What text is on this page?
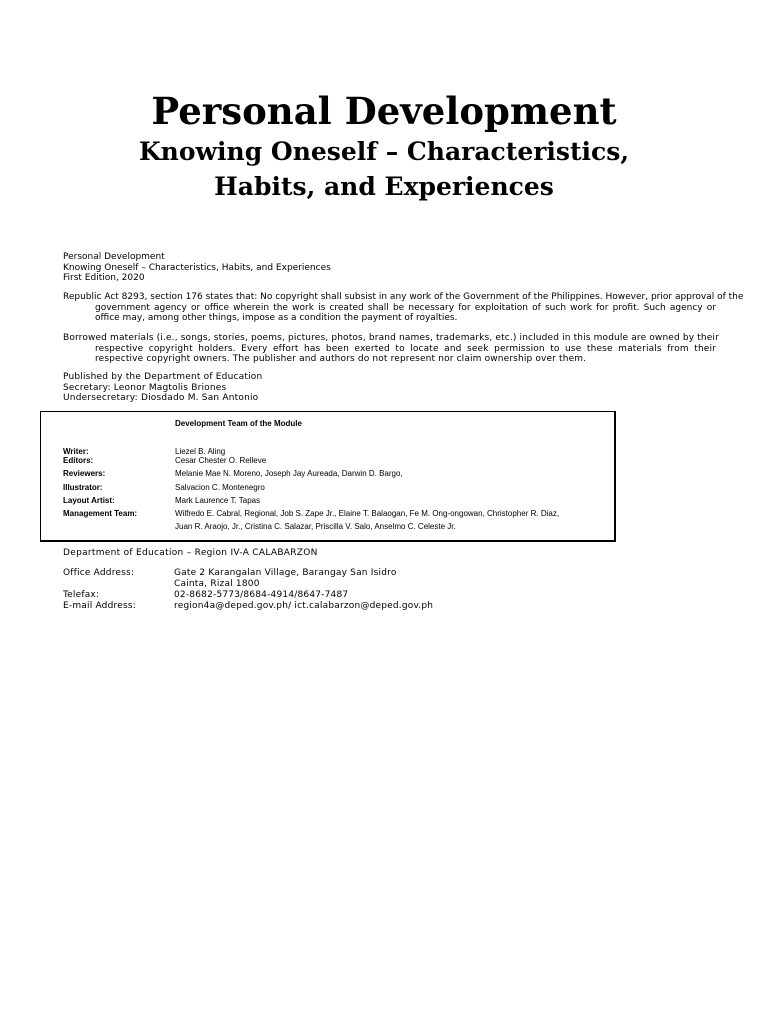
Personal Development
Knowing Oneself – Characteristics, Habits, and Experiences
Personal Development
Knowing Oneself – Characteristics, Habits, and Experiences
First Edition, 2020
Republic Act 8293, section 176 states that: No copyright shall subsist in any work of the Government of the Philippines. However, prior approval of the
government agency or office wherein the work is created shall be necessary for exploitation of such work for profit. Such agency or office may, among other things, impose as a condition the payment of royalties.
Borrowed materials (i.e., songs, stories, poems, pictures, photos, brand names, trademarks, etc.) included in this module are owned by their
respective copyright holders. Every effort has been exerted to locate and seek permission to use these materials from their respective copyright owners. The publisher and authors do not represent nor claim ownership over them.
Published by the Department of Education
Secretary: Leonor Magtolis Briones
Undersecretary: Diosdado M. San Antonio
Development Team of the Module
Writer:	Liezel B. Aling
Editors:	Cesar Chester O. Relleve
Reviewers:	Melanie Mae N. Moreno, Joseph Jay Aureada, Darwin D. Bargo,
Illustrator:	Salvacion C. Montenegro
Layout Artist:	Mark Laurence T. Tapas
Management Team:	Wilfredo E. Cabral, Regional, Job S. Zape Jr., Elaine T. Balaogan, Fe M. Ong-ongowan, Christopher R. Diaz,
Juan R. Araojo, Jr., Cristina C. Salazar, Priscilla V. Salo, Anselmo C. Celeste Jr.
Department of Education – Region IV-A CALABARZON
Office Address:	Gate 2 Karangalan Village, Barangay San Isidro
Cainta, Rizal 1800
Telefax:	02-8682-5773/8684-4914/8647-7487
E-mail Address:	region4a@deped.gov.ph/ ict.calabarzon@deped.gov.ph
